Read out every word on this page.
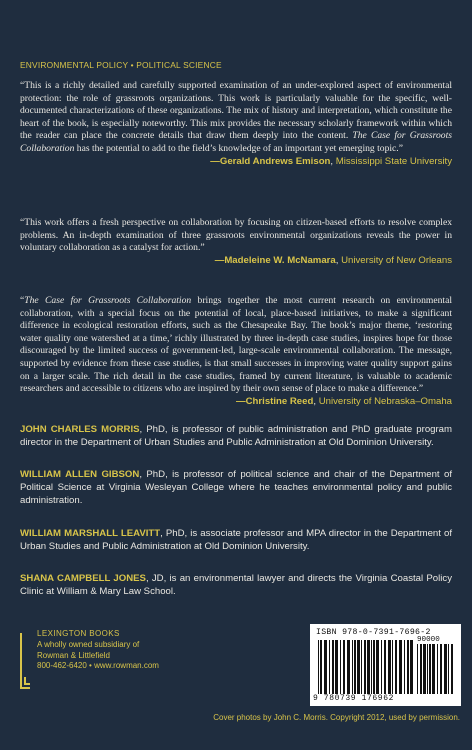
ENVIRONMENTAL POLICY • POLITICAL SCIENCE

“This is a richly detailed and carefully supported examination of an under-explored aspect of environmental protection: the role of grassroots organizations. This work is particularly valuable for the specific, well-documented characterizations of these organizations. The mix of history and interpretation, which constitute the heart of the book, is especially noteworthy. This mix provides the necessary scholarly framework within which the reader can place the concrete details that draw them deeply into the content. The Case for Grassroots Collaboration has the potential to add to the field’s knowledge of an important yet emerging topic.”

—Gerald Andrews Emison, Mississippi State University

“This work offers a fresh perspective on collaboration by focusing on citizen-based efforts to resolve complex problems. An in-depth examination of three grassroots environmental organizations reveals the power in voluntary collaboration as a catalyst for action.”

—Madeleine W. McNamara, University of New Orleans

“The Case for Grassroots Collaboration brings together the most current research on environmental collaboration, with a special focus on the potential of local, place-based initiatives, to make a significant difference in ecological restoration efforts, such as the Chesapeake Bay. The book’s major theme, ‘restoring water quality one watershed at a time,’ richly illustrated by three in-depth case studies, inspires hope for those discouraged by the limited success of government-led, large-scale environmental collaboration. The message, supported by evidence from these case studies, is that small successes in improving water quality support gains on a larger scale. The rich detail in the case studies, framed by current literature, is valuable to academic researchers and accessible to citizens who are inspired by their own sense of place to make a difference.”

—Christine Reed, University of Nebraska–Omaha
JOHN CHARLES MORRIS, PhD, is professor of public administration and PhD graduate program director in the Department of Urban Studies and Public Administration at Old Dominion University.
WILLIAM ALLEN GIBSON, PhD, is professor of political science and chair of the Department of Political Science at Virginia Wesleyan College where he teaches environmental policy and public administration.
WILLIAM MARSHALL LEAVITT, PhD, is associate professor and MPA director in the Department of Urban Studies and Public Administration at Old Dominion University.
SHANA CAMPBELL JONES, JD, is an environmental lawyer and directs the Virginia Coastal Policy Clinic at William & Mary Law School.
LEXINGTON BOOKS
A wholly owned subsidiary of
Rowman & Littlefield
800-462-6420 • www.rowman.com
ISBN 978-0-7391-7696-2
90000
9 780739 176962
Cover photos by John C. Morris. Copyright 2012, used by permission.
